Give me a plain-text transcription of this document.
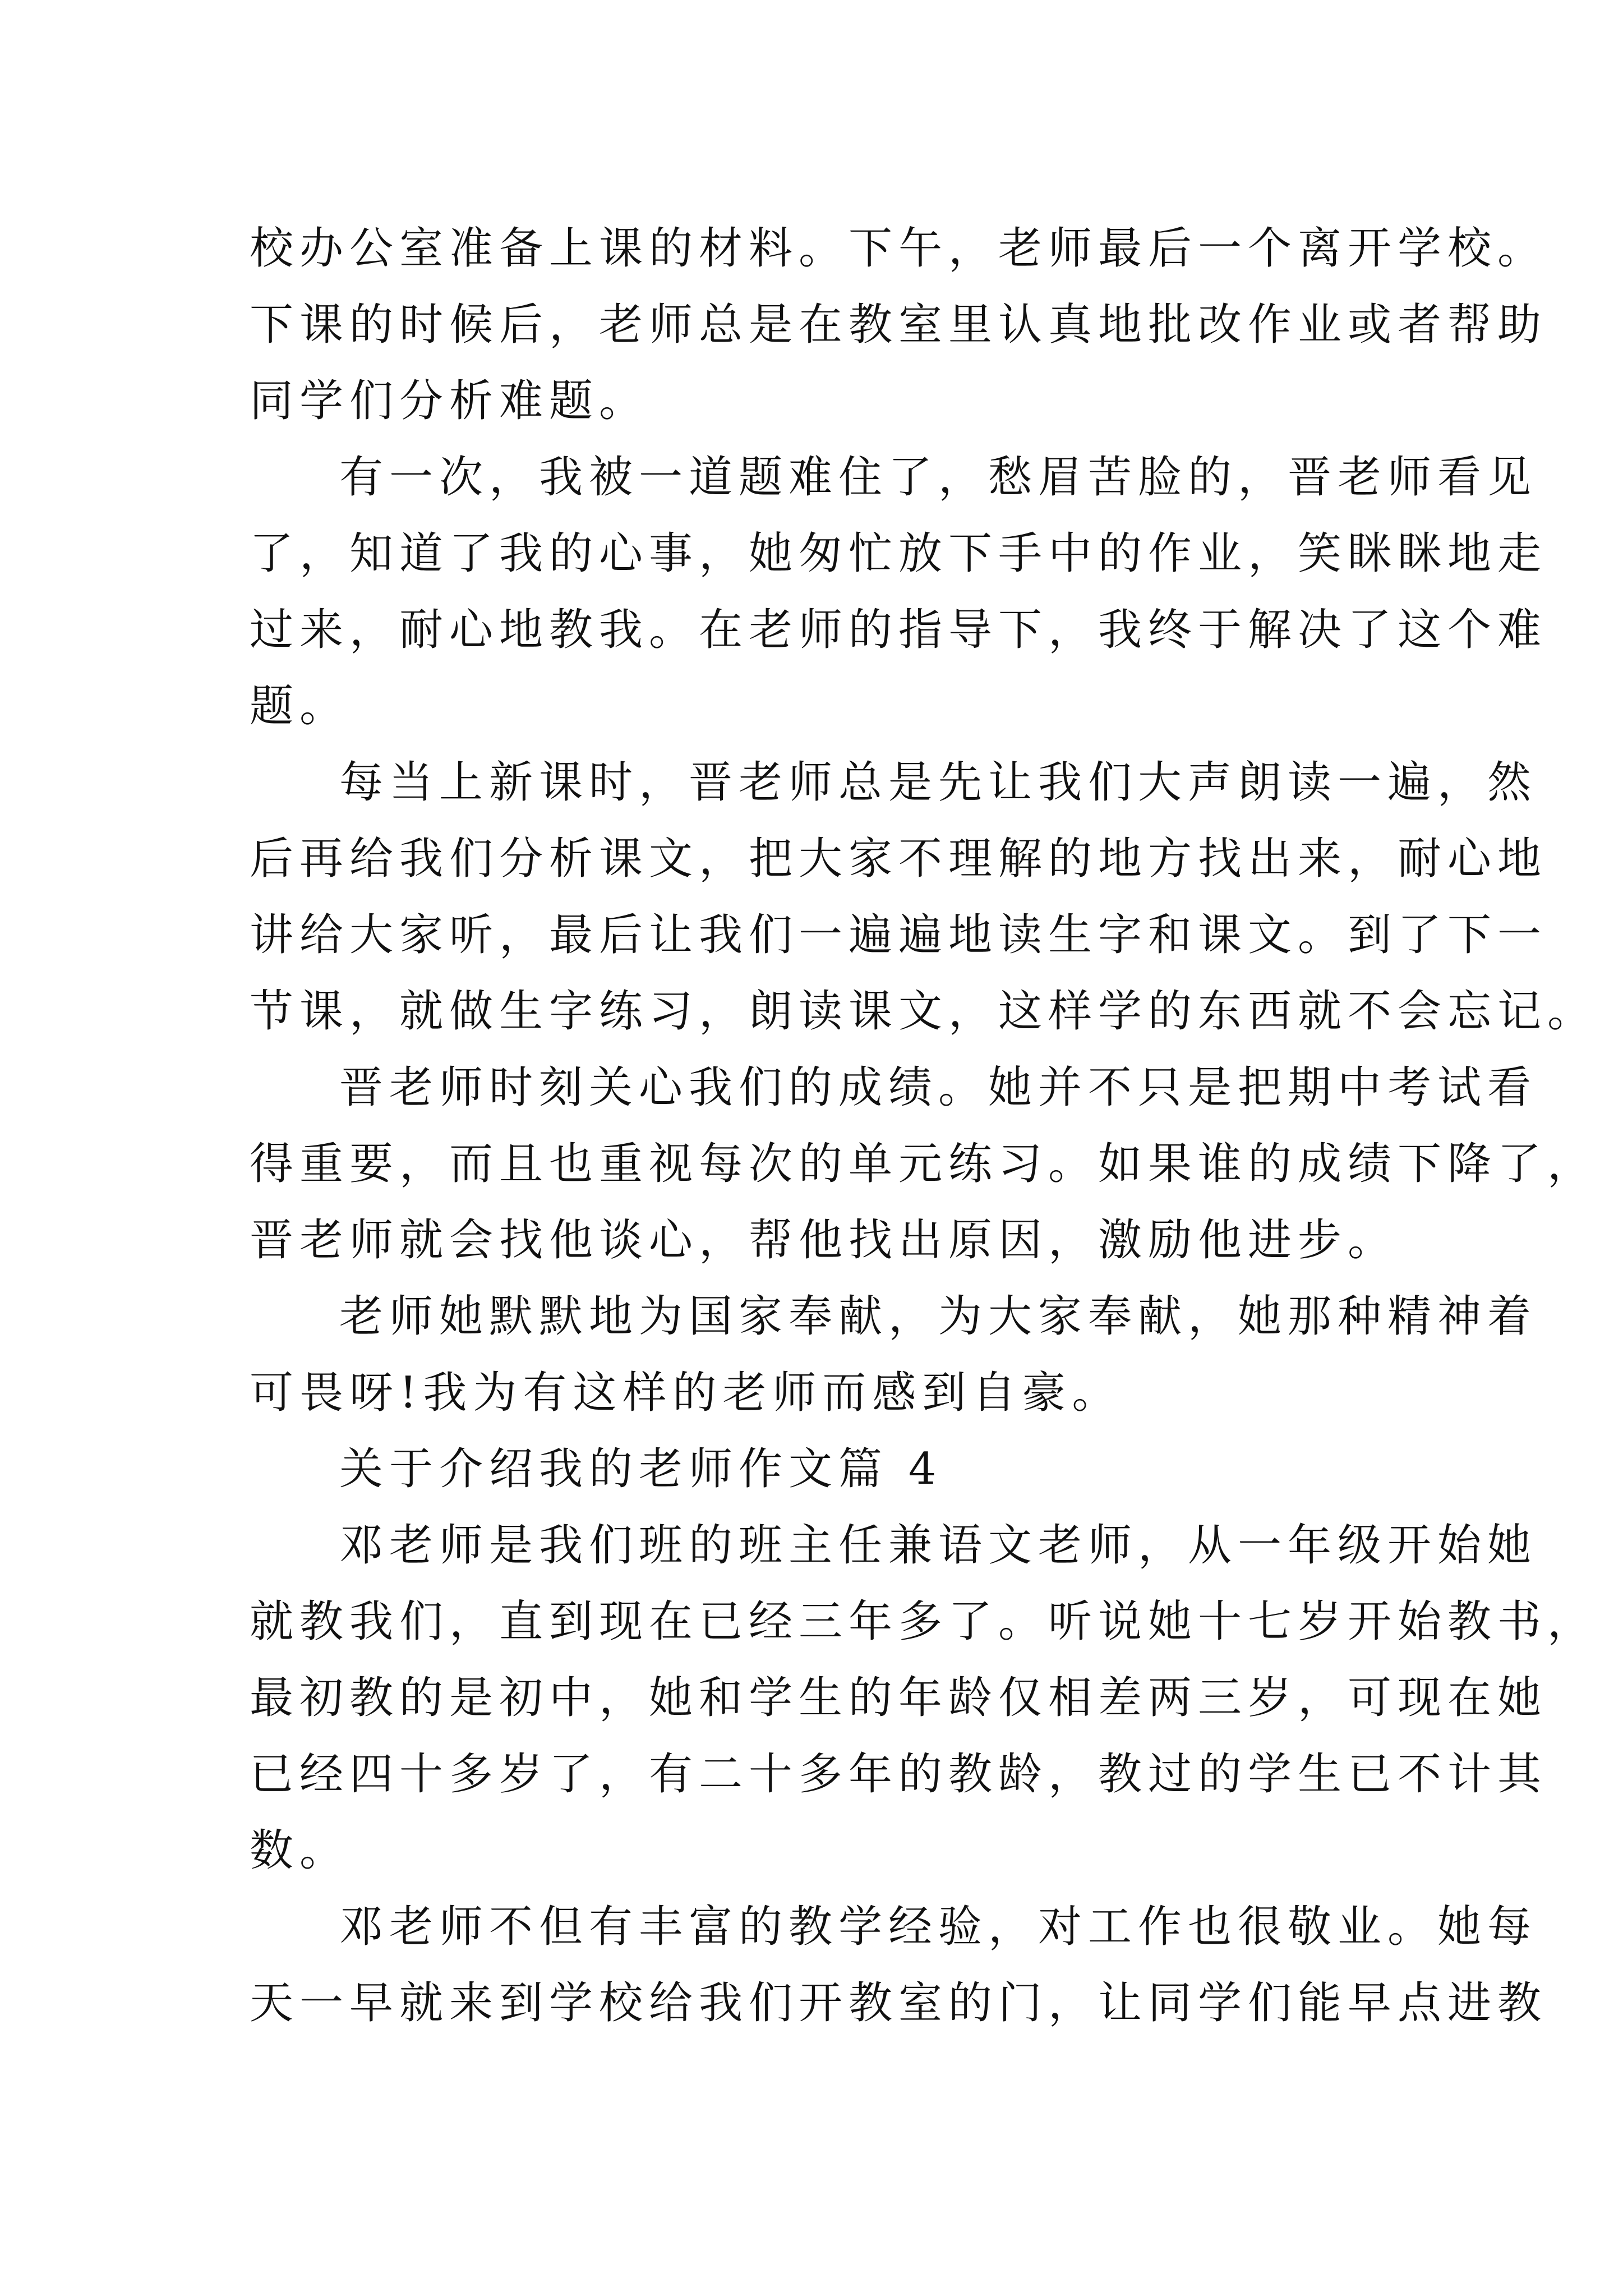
校办公室准备上课的材料。下午，老师最后一个离开学校。

下课的时候后，老师总是在教室里认真地批改作业或者帮助

同学们分析难题。

有一次，我被一道题难住了，愁眉苦脸的，晋老师看见

了，知道了我的心事，她匆忙放下手中的作业，笑眯眯地走

过来，耐心地教我。在老师的指导下，我终于解决了这个难

题。

每当上新课时，晋老师总是先让我们大声朗读一遍，然

后再给我们分析课文，把大家不理解的地方找出来，耐心地

讲给大家听，最后让我们一遍遍地读生字和课文。到了下一

节课，就做生字练习，朗读课文，这样学的东西就不会忘记。

晋老师时刻关心我们的成绩。她并不只是把期中考试看

得重要，而且也重视每次的单元练习。如果谁的成绩下降了，

晋老师就会找他谈心，帮他找出原因，激励他进步。

老师她默默地为国家奉献，为大家奉献，她那种精神着

可畏呀!我为有这样的老师而感到自豪。

关于介绍我的老师作文篇 4

邓老师是我们班的班主任兼语文老师，从一年级开始她

就教我们，直到现在已经三年多了。听说她十七岁开始教书，

最初教的是初中，她和学生的年龄仅相差两三岁，可现在她

已经四十多岁了，有二十多年的教龄，教过的学生已不计其

数。

邓老师不但有丰富的教学经验，对工作也很敬业。她每

天一早就来到学校给我们开教室的门，让同学们能早点进教
